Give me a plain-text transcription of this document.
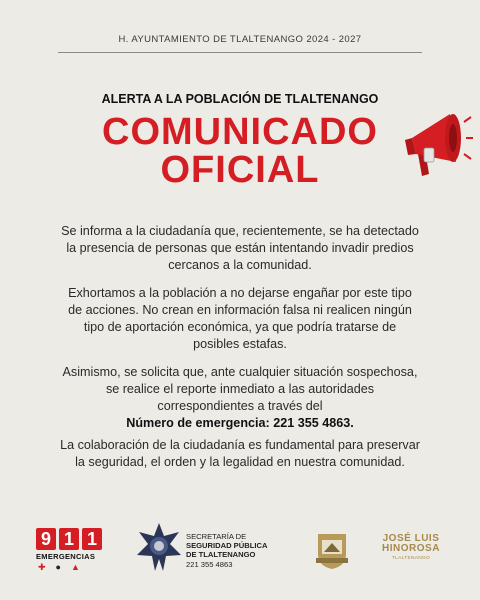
H. AYUNTAMIENTO DE TLALTENANGO 2024 - 2027
ALERTA A LA POBLACIÓN DE TLALTENANGO
COMUNICADO
OFICIAL

Se informa a la ciudadanía que, recientemente, se ha detectado la presencia de personas que están intentando invadir predios cercanos a la comunidad.

Exhortamos a la población a no dejarse engañar por este tipo de acciones. No crean en información falsa ni realicen ningún tipo de aportación económica, ya que podría tratarse de posibles estafas.

Asimismo, se solicita que, ante cualquier situación sospechosa, se realice el reporte inmediato a las autoridades correspondientes a través del
Número de emergencia: 221 355 4863.

La colaboración de la ciudadanía es fundamental para preservar la seguridad, el orden y la legalidad en nuestra comunidad.

9 1 1
EMERGENCIAS
✚ ● ▲
SECRETARÍA DE
SEGURIDAD PÚBLICA
DE TLALTENANGO
221 355 4863
JOSÉ LUIS
HINOROSA
TLALTENANGO
